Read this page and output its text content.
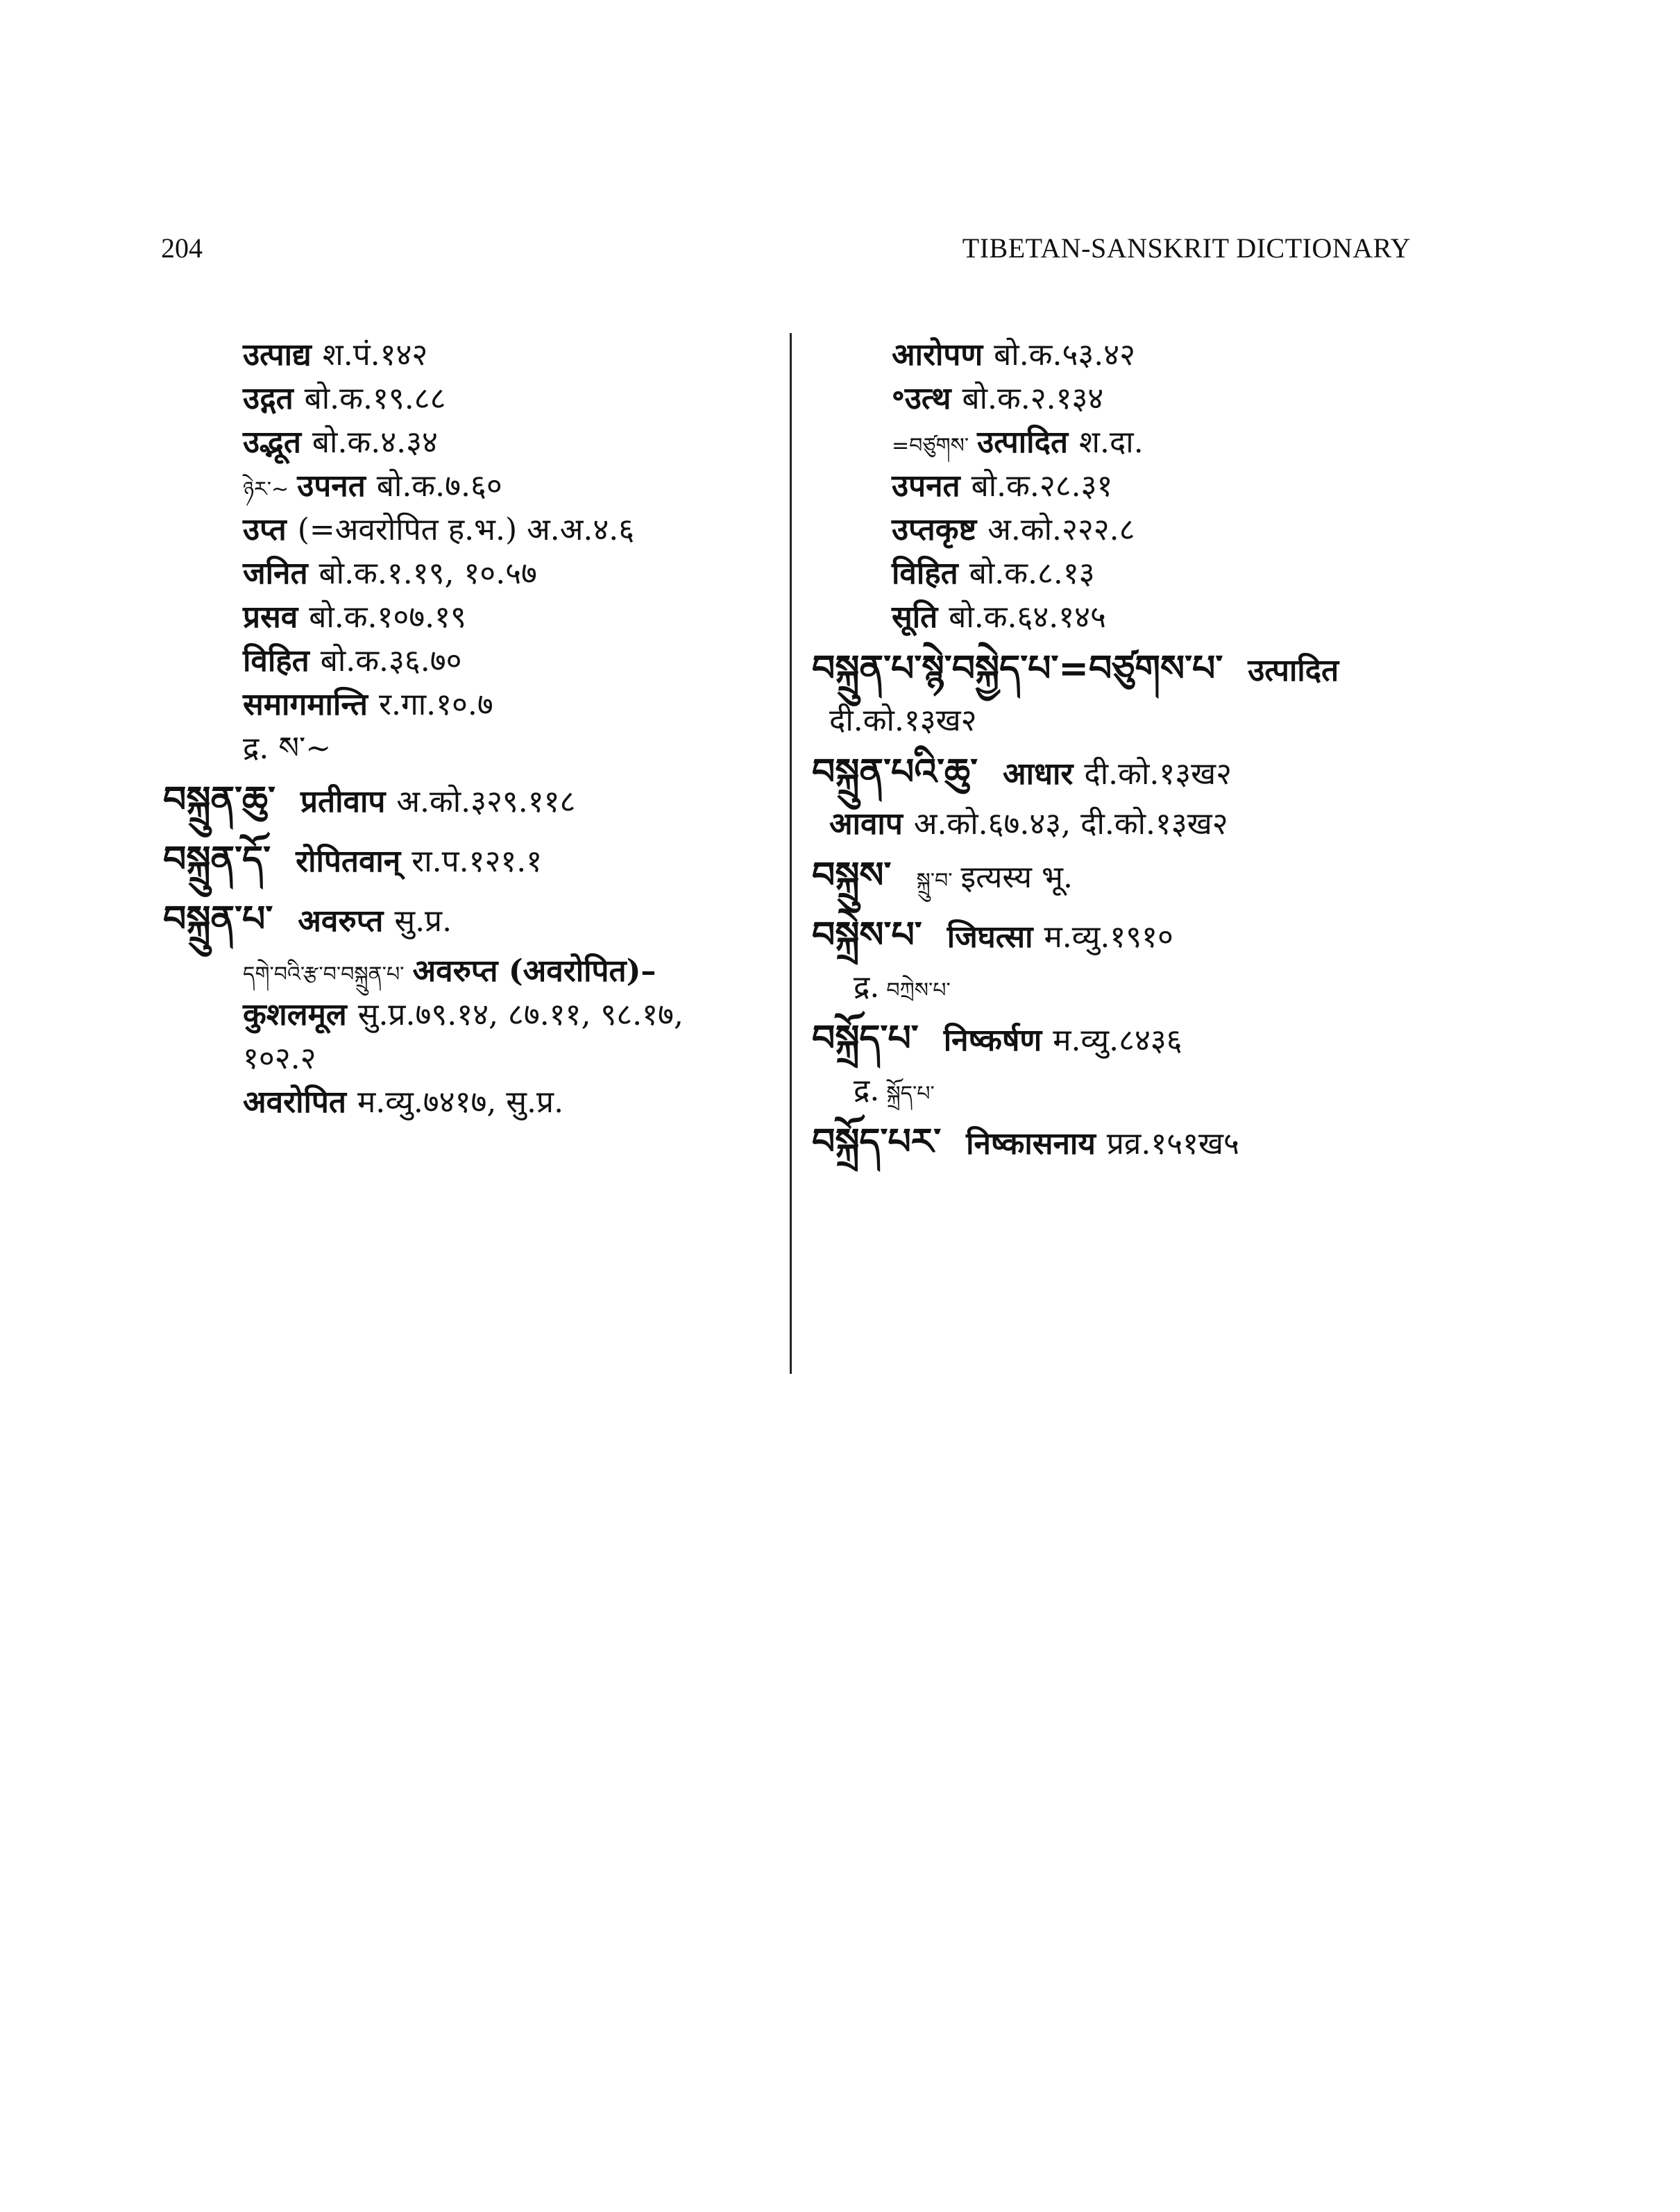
204	TIBETAN-SANSKRIT DICTIONARY
उत्पाद्य श.पं.१४२
उद्गत बो.क.१९.८८
उद्भूत बो.क.४.३४
ཉེར་~ उपनत बो.क.७.६०
उप्त (=अवरोपित ह.भ.) अ.अ.४.६
जनित बो.क.१.१९, १०.५७
प्रसव बो.क.१०७.१९
विहित बो.क.३६.७०
समागमान्ति र.गा.१०.७
द्र. ས་~
བསྐྲུན་ཆུ་ प्रतीवाप अ.को.३२९.११८
བསྐྲུན་དོ་ रोपितवान् रा.प.१२१.१
བསྐྲུན་པ་ अवरुप्त सु.प्र.
དགེ་བའི་རྩ་བ་བསྐྲུན་པ་ अवरुप्त (अवरोपित)–
कुशलमूल सु.प्र.७९.१४, ८७.११, ९८.१७,
१०२.२
अवरोपित म.व्यु.७४१७, सु.प्र.
आरोपण बो.क.५३.४२
॰उत्थ बो.क.२.१३४
=བཙུགས་ उत्पादित श.दा.
उपनत बो.क.२८.३१
उप्तकृष्ट अ.को.२२२.८
विहित बो.क.८.१३
सूति बो.क.६४.१४५
བསྐྲུན་པ་སྙེ་བསྐྱེད་པ་=བཙུགས་པ་ उत्पादित
दी.को.१३ख२
བསྐྲུན་པའི་ཆུ་ आधार दी.को.१३ख२
आवाप अ.को.६७.४३, दी.को.१३ख२
བསྐྲུས་ སྐྲུ་བ་ इत्यस्य भू.
བསྐྲེས་པ་ जिघत्सा म.व्यु.१९१०
द्र. བཀྲེས་པ་
བསྐྲོད་པ་ निष्कर्षण म.व्यु.८४३६
द्र. སྐྲོད་པ་
བསྐྲོད་པར་ निष्कासनाय प्रव्र.१५१ख५
